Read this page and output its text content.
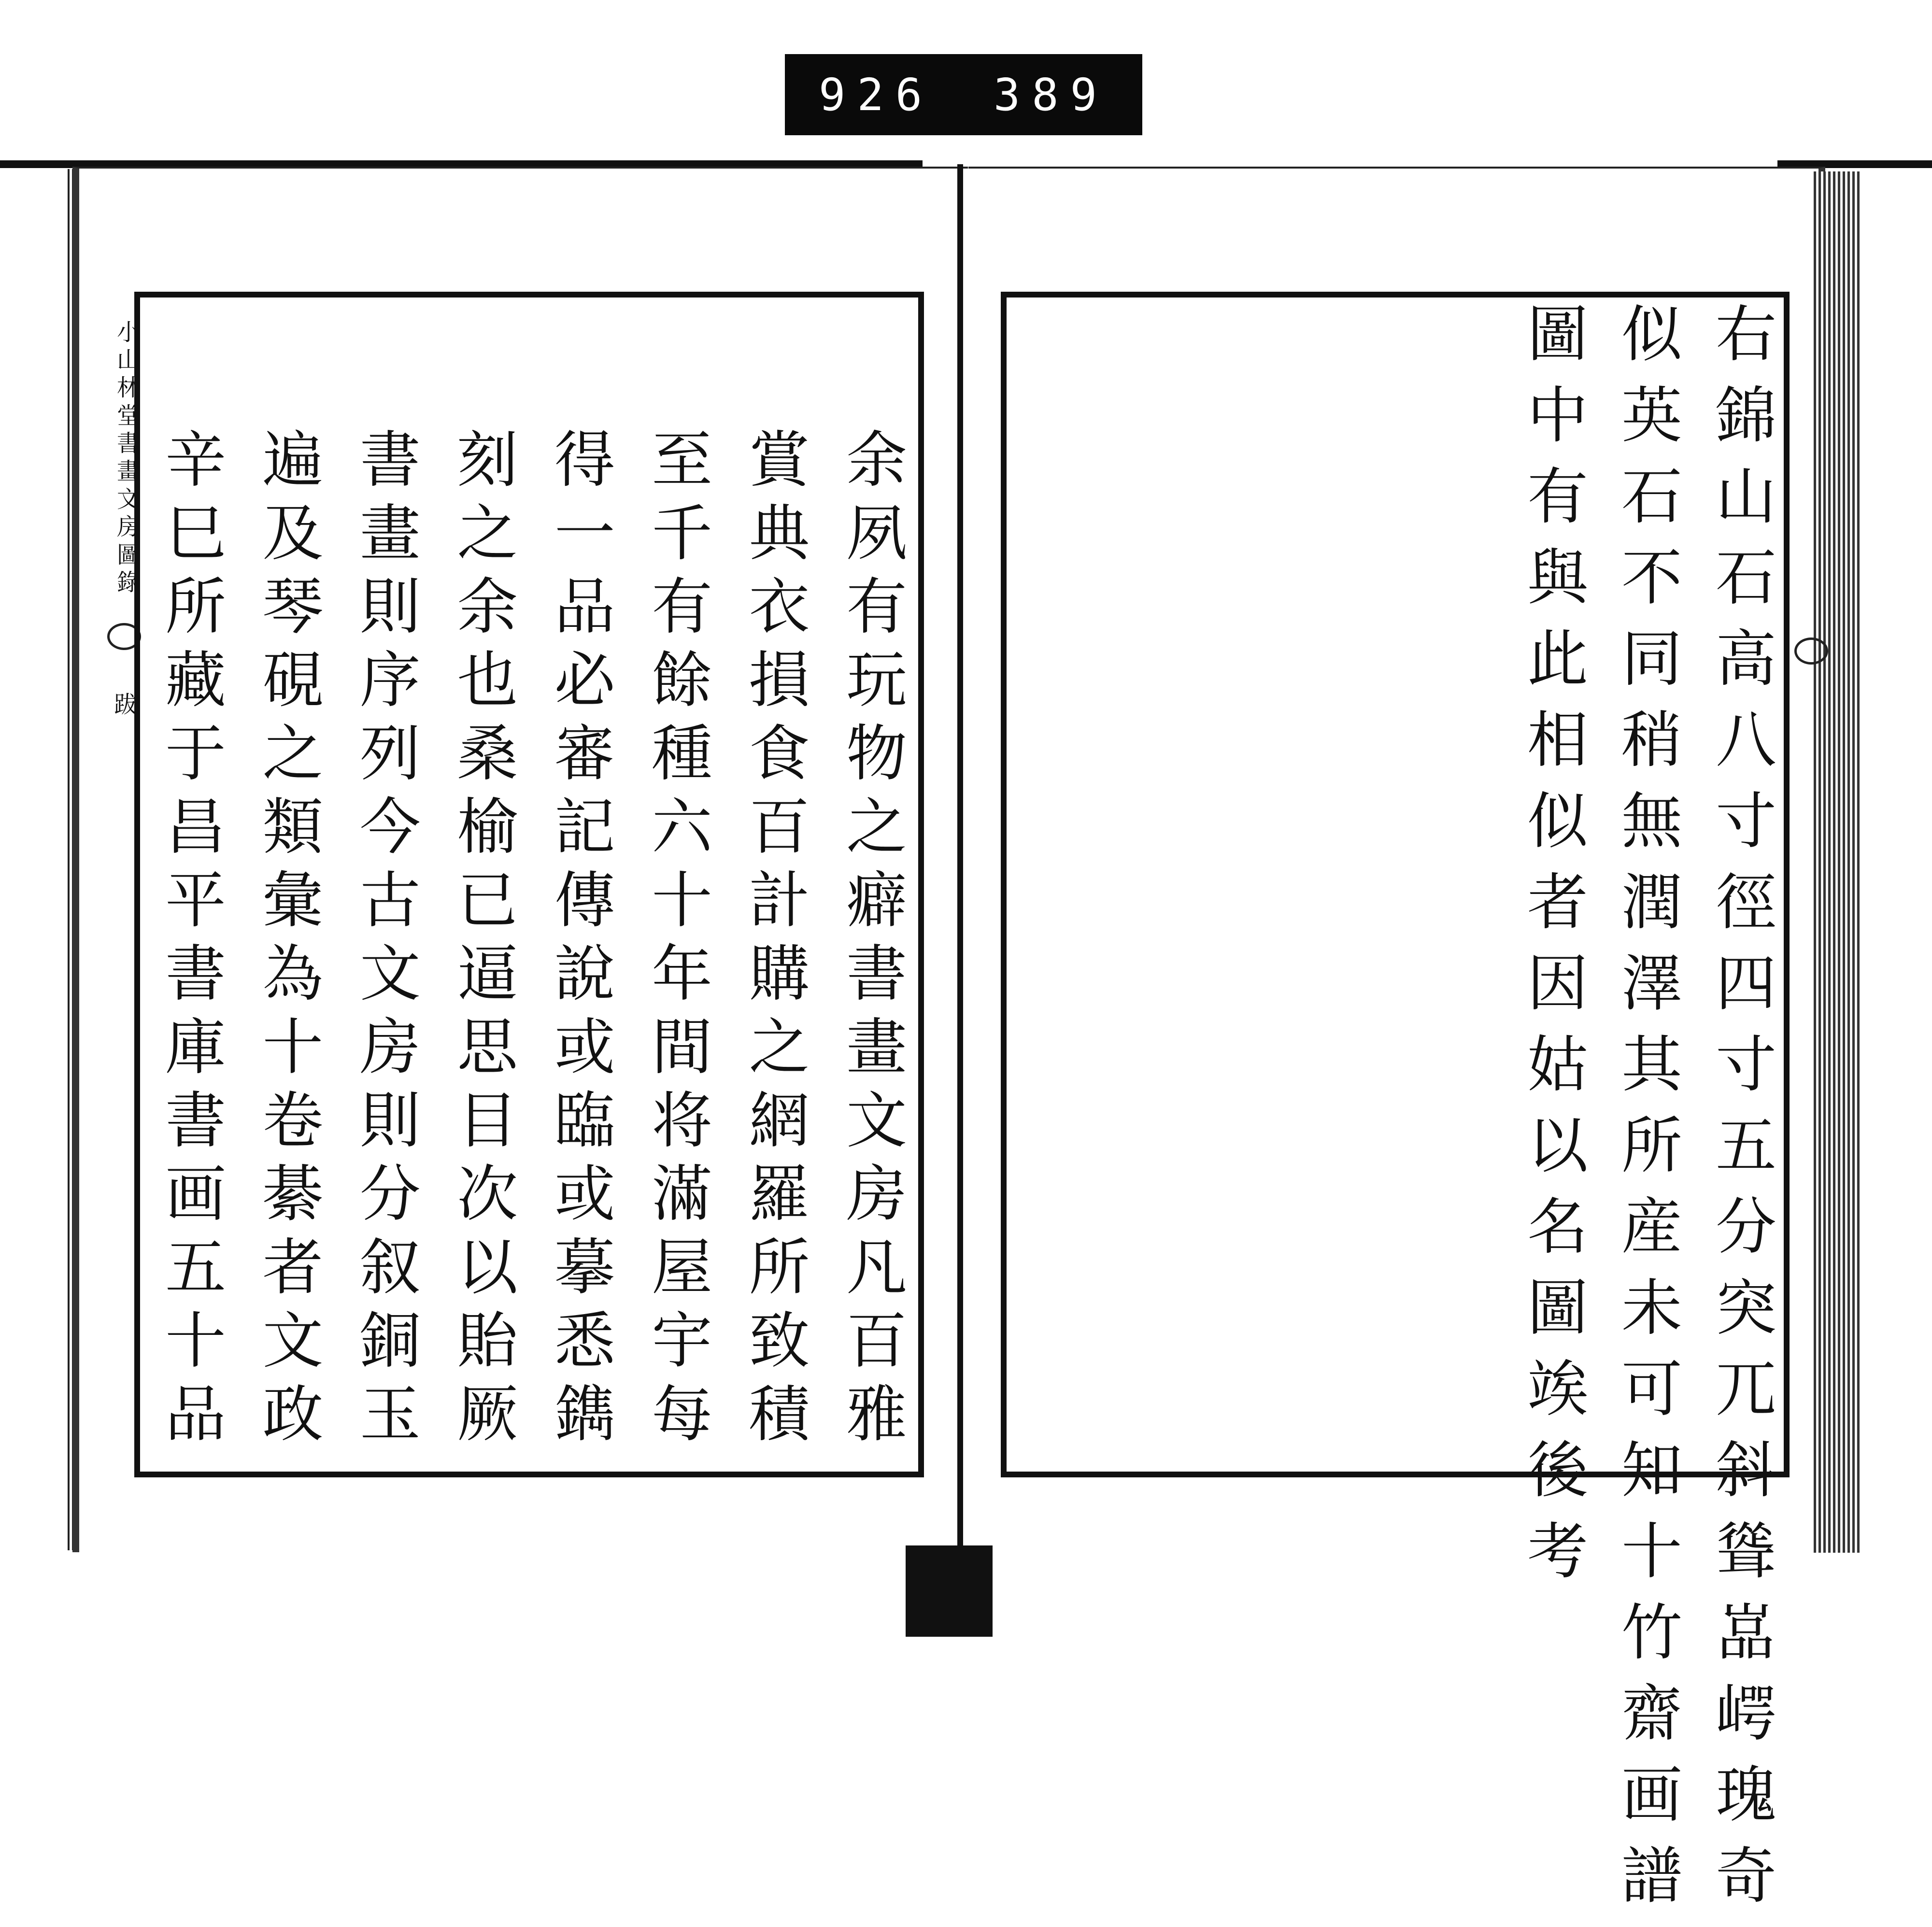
926 389
小
山
林
堂
書
畫
文
房
圖
錄
跋
余
夙
有
玩
物
之
癖
書
畫
文
房
凡
百
雅
賞
典
衣
損
食
百
計
購
之
網
羅
所
致
積
至
千
有
餘
種
六
十
年
間
将
滿
屋
宇
每
得
一
品
必
審
記
傳
說
或
臨
或
摹
悉
鐫
刻
之
余
也
桑
榆
已
逼
思
目
次
以
貽
厥
書
畫
則
序
列
今
古
文
房
則
分
叙
銅
玉
遍
及
琴
硯
之
類
彙
為
十
卷
綦
者
文
政
辛
巳
所
藏
于
昌
平
書
庫
書
画
五
十
品
右
錦
山
石
高
八
寸
徑
四
寸
五
分
突
兀
斜
聳
嵓
崿
瑰
奇
似
英
石
不
同
稍
無
潤
澤
其
所
産
未
可
知
十
竹
齋
画
譜
圖
中
有
與
此
相
似
者
因
姑
以
名
圖
竢
後
考
